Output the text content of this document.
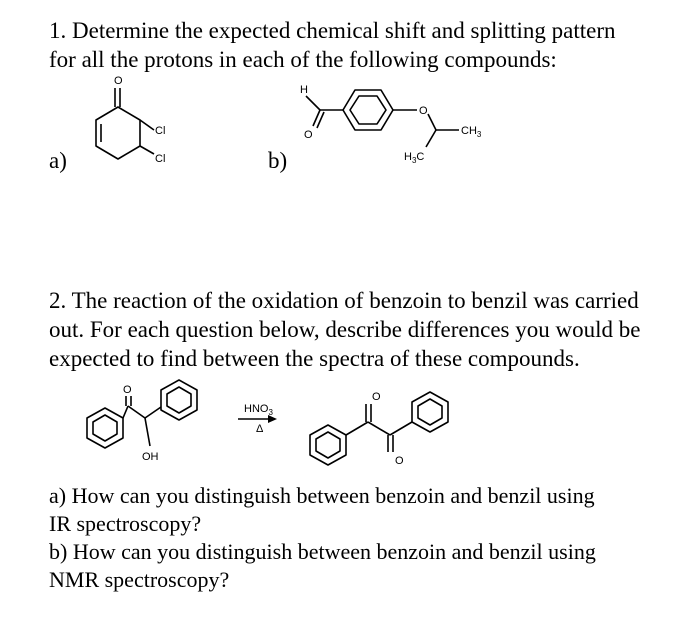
1. Determine the expected chemical shift and splitting pattern
for all the protons in each of the following compounds:
a)	b)
O
Cl
Cl
H
O
O
$CH_3$
$H_3C$
O
OH
$HNO_3$
Δ
O
O
2. The reaction of the oxidation of benzoin to benzil was carried
out. For each question below, describe differences you would be
expected to find between the spectra of these compounds.
a) How can you distinguish between benzoin and benzil using
IR spectroscopy?
b) How can you distinguish between benzoin and benzil using
NMR spectroscopy?
